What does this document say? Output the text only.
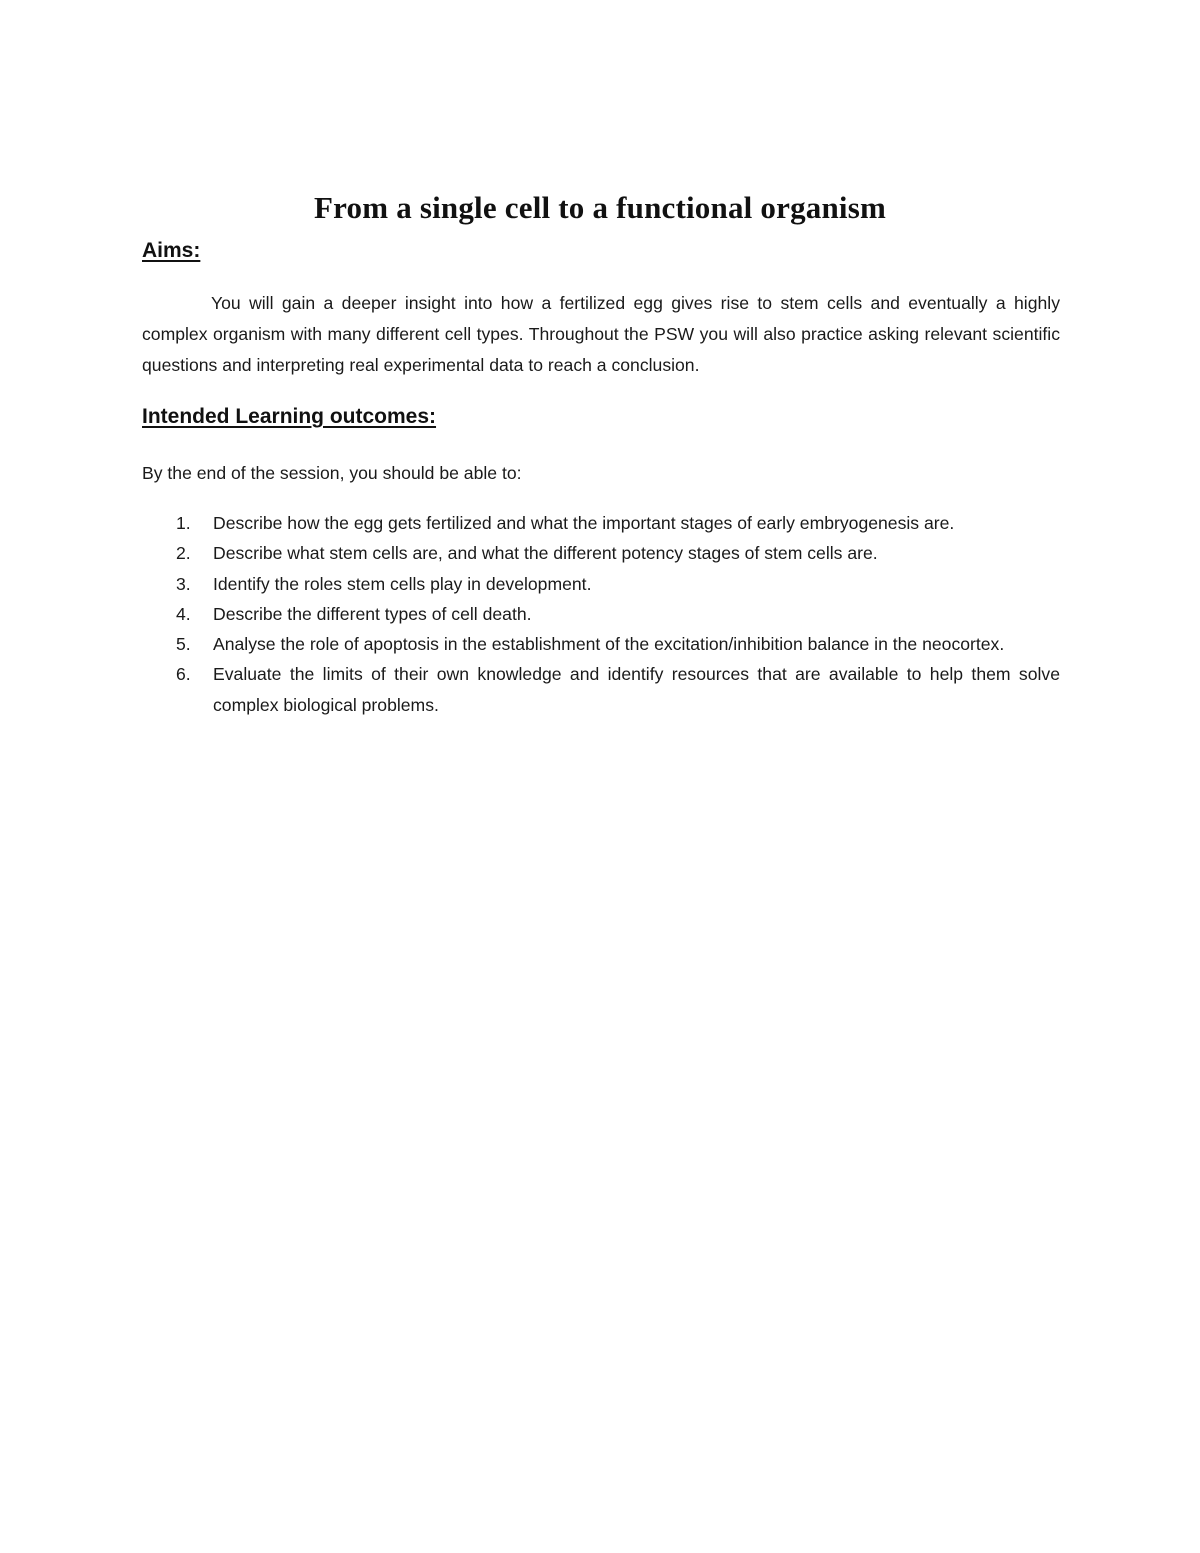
From a single cell to a functional organism
Aims:

You will gain a deeper insight into how a fertilized egg gives rise to stem cells and eventually a highly complex organism with many different cell types. Throughout the PSW you will also practice asking relevant scientific questions and interpreting real experimental data to reach a conclusion.

Intended Learning outcomes:
By the end of the session, you should be able to:
1.	Describe how the egg gets fertilized and what the important stages of early embryogenesis are.
2.	Describe what stem cells are, and what the different potency stages of stem cells are.
3.	Identify the roles stem cells play in development.
4.	Describe the different types of cell death.
5.	Analyse the role of apoptosis in the establishment of the excitation/inhibition balance in the neocortex.
6.	Evaluate the limits of their own knowledge and identify resources that are available to help them solve complex biological problems.
